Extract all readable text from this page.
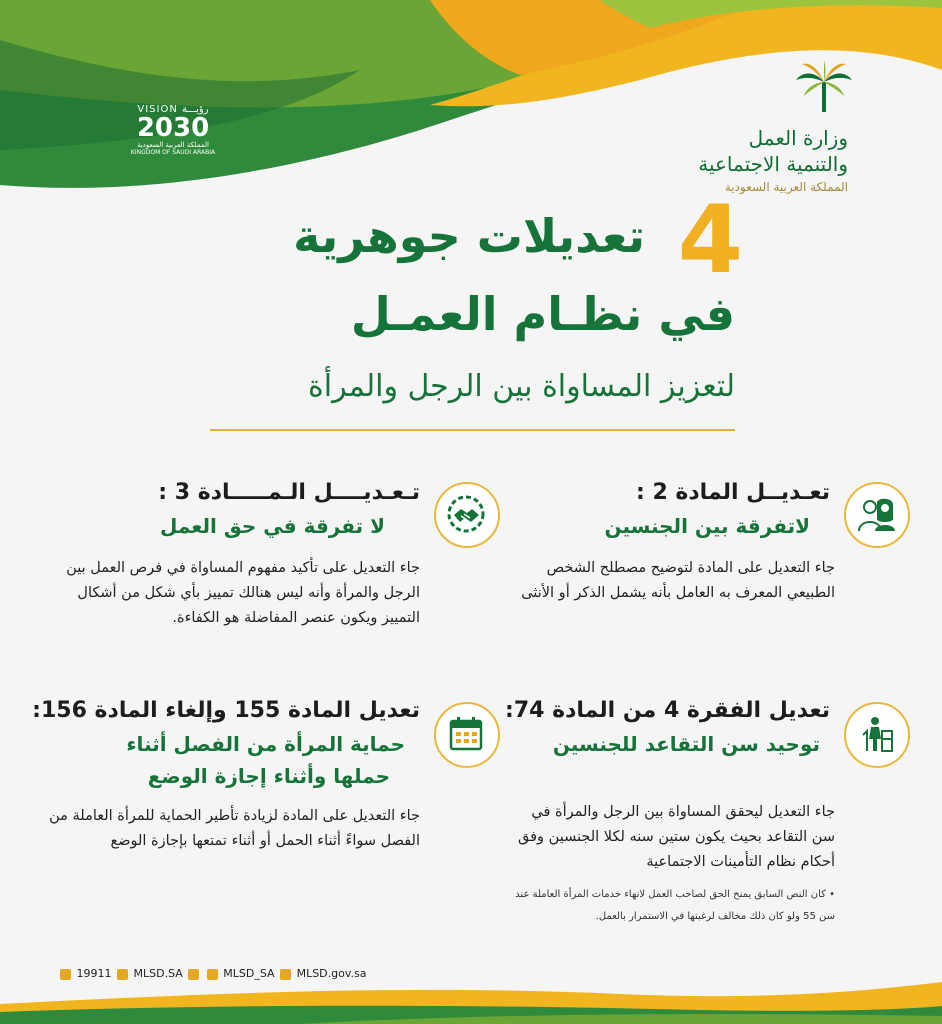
VISION رؤيـــة
2030
المملكة العربية السعودية
KINGDOM OF SAUDI ARABIA
وزارة العمل
والتنمية الاجتماعية
المملكة العربية السعودية
4
تعديلات جوهرية
في نظـام العمـل
لتعزيز المساواة بين الرجل والمرأة
تعـديــل المادة 2 :
لاتفرقة بين الجنسين
جاء التعديل على المادة لتوضيح مصطلح الشخص الطبيعي المعرف به العامل بأنه يشمل الذكر أو الأنثى
تـعـديــــل الـمـــــادة 3 :
لا تفرقة في حق العمل
جاء التعديل على تأكيد مفهوم المساواة في فرص العمل بين الرجل والمرأة وأنه ليس هنالك تمييز بأي شكل من أشكال التمييز ويكون عنصر المفاضلة هو الكفاءة.
تعديل الفقرة 4 من المادة 74:
توحيد سن التقاعد للجنسين
جاء التعديل ليحقق المساواة بين الرجل والمرأة في سن التقاعد بحيث يكون ستين سنه لكلا الجنسين وفق أحكام نظام التأمينات الاجتماعية
• كان النص السابق يمنح الحق لصاحب العمل لانهاء خدمات المرأة العاملة عند سن 55 ولو كان ذلك مخالف لرغبتها في الاستمرار بالعمل.
تعديل المادة 155 وإلغاء المادة 156:
حماية المرأة من الفصل أثناء
حملها وأثناء إجازة الوضع
جاء التعديل على المادة لزيادة تأطير الحماية للمرأة العاملة من الفصل سواءً أثناء الحمل أو أثناء تمتعها بإجازة الوضع
19911 MLSD.SA	MLSD_SA MLSD.gov.sa
